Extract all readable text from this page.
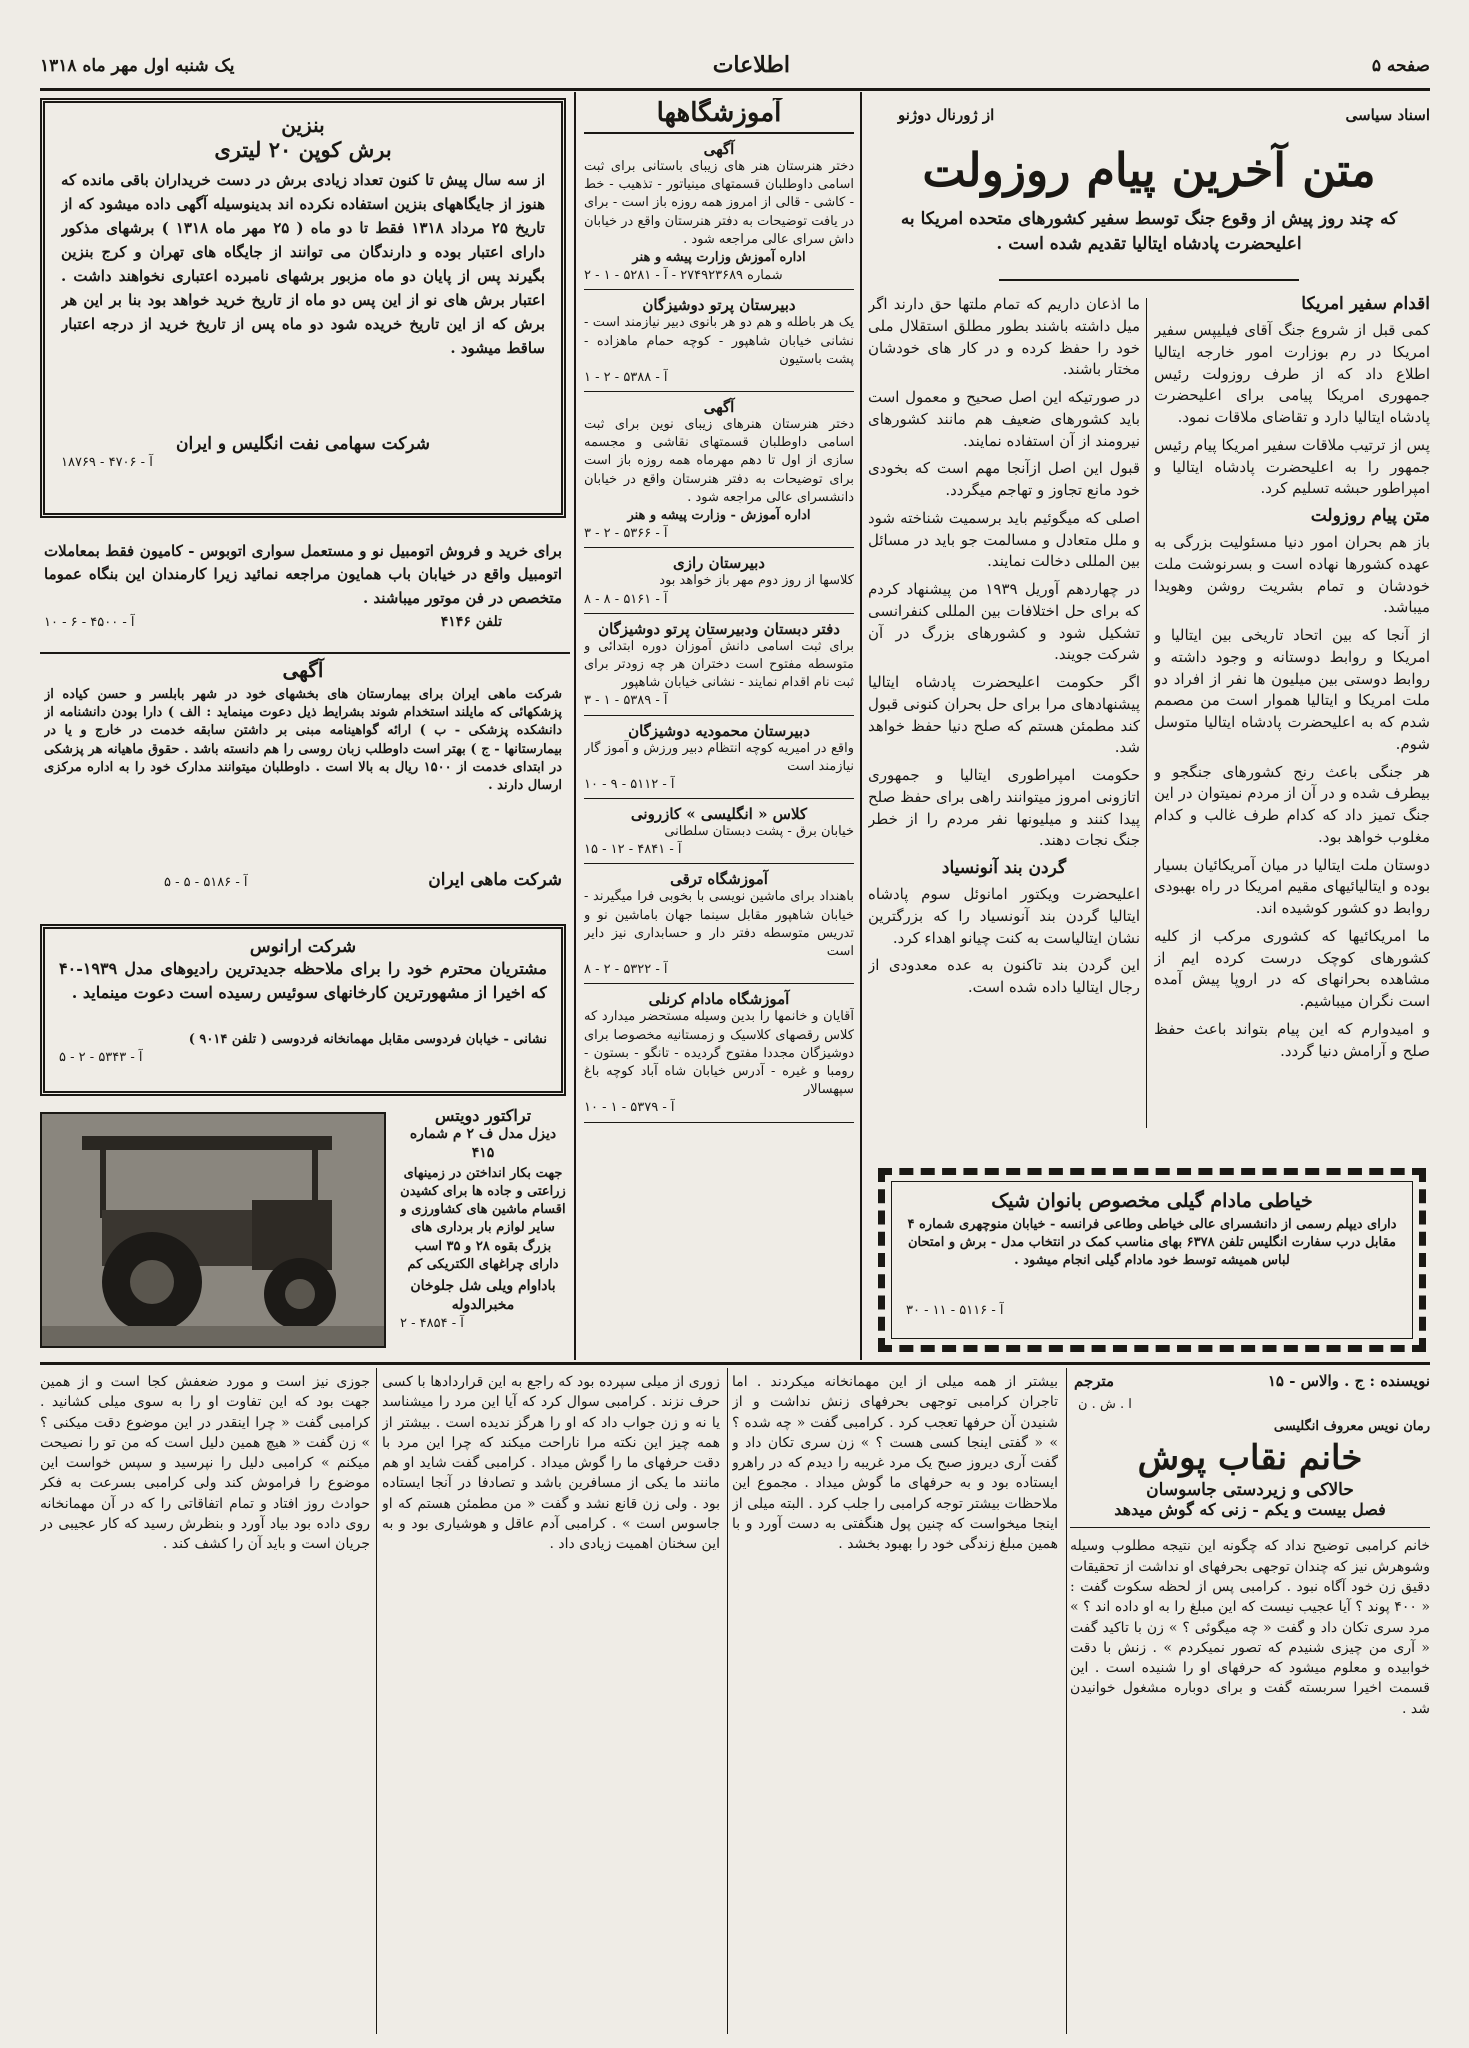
صفحه ۵
اطلاعات
یک شنبه اول مهر ماه ۱۳۱۸
اسناد سیاسی
از ژورنال دوژنو
متن آخرین پیام روزولت
که چند روز پیش از وقوع جنگ توسط سفیر کشورهای متحده امریکا به اعلیحضرت پادشاه ایتالیا تقدیم شده است .
اقدام سفیر امریکا
کمی قبل از شروع جنگ آقای فیلیپس سفیر امریکا در رم بوزارت امور خارجه ایتالیا اطلاع داد که از طرف روزولت رئیس جمهوری امریکا پیامی برای اعلیحضرت پادشاه ایتالیا دارد و تقاضای ملاقات نمود.
پس از ترتیب ملاقات سفیر امریکا پیام رئیس جمهور را به اعلیحضرت پادشاه ایتالیا و امپراطور حبشه تسلیم کرد.
متن پیام روزولت
باز هم بحران امور دنیا مسئولیت بزرگی به عهده کشورها نهاده است و بسرنوشت ملت خودشان و تمام بشریت روشن وهویدا میباشد.
از آنجا که بین اتحاد تاریخی بین ایتالیا و امریکا و روابط دوستانه و وجود داشته و روابط دوستی بین میلیون ها نفر از افراد دو ملت امریکا و ایتالیا هموار است من مصمم شدم که به اعلیحضرت پادشاه ایتالیا متوسل شوم.
هر جنگی باعث رنج کشورهای جنگجو و بیطرف شده و در آن از مردم نمیتوان در این جنگ تمیز داد که کدام طرف غالب و کدام مغلوب خواهد بود.
دوستان ملت ایتالیا در میان آمریکائیان بسیار بوده و ایتالیائیهای مقیم امریکا در راه بهبودی روابط دو کشور کوشیده اند.
ما امریکائیها که کشوری مرکب از کلیه کشورهای کوچک درست کرده ایم از مشاهده بحرانهای که در اروپا پیش آمده است نگران میباشیم.
و امیدوارم که این پیام بتواند باعث حفظ صلح و آرامش دنیا گردد.
ما اذعان داریم که تمام ملتها حق دارند اگر میل داشته باشند بطور مطلق استقلال ملی خود را حفظ کرده و در کار های خودشان مختار باشند.
در صورتیکه این اصل صحیح و معمول است باید کشورهای ضعیف هم مانند کشورهای نیرومند از آن استفاده نمایند.
قبول این اصل ازآنجا مهم است که بخودی خود مانع تجاوز و تهاجم میگردد.
اصلی که میگوئیم باید برسمیت شناخته شود و ملل متعادل و مسالمت جو باید در مسائل بین المللی دخالت نمایند.
در چهاردهم آوریل ۱۹۳۹ من پیشنهاد کردم که برای حل اختلافات بین المللی کنفرانسی تشکیل شود و کشورهای بزرگ در آن شرکت جویند.
اگر حکومت اعلیحضرت پادشاه ایتالیا پیشنهادهای مرا برای حل بحران کنونی قبول کند مطمئن هستم که صلح دنیا حفظ خواهد شد.
حکومت امپراطوری ایتالیا و جمهوری اتازونی امروز میتوانند راهی برای حفظ صلح پیدا کنند و میلیونها نفر مردم را از خطر جنگ نجات دهند.
گردن بند آنونسیاد
اعلیحضرت ویکتور امانوئل سوم پادشاه ایتالیا گردن بند آنونسیاد را که بزرگترین نشان ایتالیاست به کنت چیانو اهداء کرد.
این گردن بند تاکنون به عده معدودی از رجال ایتالیا داده شده است.
خیاطی مادام گیلی مخصوص بانوان شیک
دارای دیپلم رسمی از دانشسرای عالی خیاطی وطاعی فرانسه - خیابان منوچهری شماره ۴ مقابل درب سفارت انگلیس تلفن ۶۳۷۸ بهای مناسب کمک در انتخاب مدل - برش و امتحان لباس همیشه توسط خود مادام گیلی انجام میشود .
آ - ۵۱۱۶ - ۱۱ - ۳۰
آموزشگاهها
آگهی
دختر هنرستان هنر های زیبای باستانی برای ثبت اسامی داوطلبان قسمتهای مینیاتور - تذهیب - خط - کاشی - قالی از امروز همه روزه باز است - برای در یافت توضیحات به دفتر هنرستان واقع در خیابان داش سرای عالی مراجعه شود .
اداره آموزش وزارت پیشه و هنر
شماره ۲۷۴۹۲۳۶۸۹ - آ - ۵۲۸۱ - ۱ - ۲
دبیرستان پرتو دوشیزگان
یک هر باطله و هم دو هر بانوی دبیر نیازمند است - نشانی خیابان شاهپور - کوچه حمام ماهزاده - پشت باستیون
آ - ۵۳۸۸ - ۲ - ۱
آگهی
دختر هنرستان هنرهای زیبای نوین برای ثبت اسامی داوطلبان قسمتهای نقاشی و مجسمه سازی از اول تا دهم مهرماه همه روزه باز است برای توضیحات به دفتر هنرستان واقع در خیابان دانشسرای عالی مراجعه شود .
اداره آموزش - وزارت پیشه و هنر
آ - ۵۳۶۶ - ۲ - ۳
دبیرستان رازی
کلاسها از روز دوم مهر باز خواهد بود
آ - ۵۱۶۱ - ۸ - ۸
دفتر دبستان ودبیرستان پرتو دوشیزگان
برای ثبت اسامی دانش آموزان دوره ابتدائی و متوسطه مفتوح است دختران هر چه زودتر برای ثبت نام اقدام نمایند - نشانی خیابان شاهپور
آ - ۵۳۸۹ - ۱ - ۳
دبیرستان محمودیه دوشیزگان
واقع در امیریه کوچه انتظام دبیر ورزش و آموز گار نیازمند است
آ - ۵۱۱۲ - ۹ - ۱۰
کلاس « انگلیسی » کازرونی
خیابان برق - پشت دبستان سلطانی
آ - ۴۸۴۱ - ۱۲ - ۱۵
آموزشگاه ترقی
باهنداد برای ماشین نویسی با بخوبی فرا میگیرند - خیابان شاهپور مقابل سینما جهان باماشین نو و تدریس متوسطه دفتر دار و حسابداری نیز دایر است
آ - ۵۳۲۲ - ۲ - ۸
آموزشگاه مادام کرنلی
آقایان و خانمها را بدین وسیله مستحضر میدارد که کلاس رقصهای کلاسیک و زمستانیه مخصوصا برای دوشیزگان مجددا مفتوح گردیده - تانگو - بستون - رومبا و غیره - آدرس خیابان شاه آباد کوچه باغ سپهسالار
آ - ۵۳۷۹ - ۱ - ۱۰
بنزین
برش کوپن ۲۰ لیتری
از سه سال پیش تا کنون تعداد زیادی برش در دست خریداران باقی مانده که هنوز از جایگاههای بنزین استفاده نکرده اند بدینوسیله آگهی داده میشود که از تاریخ ۲۵ مرداد ۱۳۱۸ فقط تا دو ماه ( ۲۵ مهر ماه ۱۳۱۸ ) برشهای مذکور دارای اعتبار بوده و دارندگان می توانند از جایگاه های تهران و کرج بنزین بگیرند پس از پایان دو ماه مزبور برشهای نامبرده اعتباری نخواهند داشت . اعتبار برش های نو از این پس دو ماه از تاریخ خرید خواهد بود بنا بر این هر برش که از این تاریخ خریده شود دو ماه پس از تاریخ خرید از درجه اعتبار ساقط میشود .
شرکت سهامی نفت انگلیس و ایران
آ - ۴۷۰۶ - ۱۸۷۶۹
برای خرید و فروش اتومبیل نو و مستعمل سواری اتوبوس - کامیون فقط بمعاملات اتومبیل واقع در خیابان باب همایون مراجعه نمائید زیرا کارمندان این بنگاه عموما متخصص در فن موتور میباشند .
تلفن ۴۱۴۶
آ - ۴۵۰۰ - ۶ - ۱۰
آگهی
شرکت ماهی ایران برای بیمارستان های بخشهای خود در شهر بابلسر و حسن کیاده از پزشکهائی که مایلند استخدام شوند بشرایط ذیل دعوت مینماید : الف ) دارا بودن دانشنامه از دانشکده پزشکی - ب ) ارائه گواهینامه مبنی بر داشتن سابقه خدمت در خارج و یا در بیمارستانها - ج ) بهتر است داوطلب زبان روسی را هم دانسته باشد . حقوق ماهیانه هر پزشکی در ابتدای خدمت از ۱۵۰۰ ریال به بالا است . داوطلبان میتوانند مدارک خود را به اداره مرکزی ارسال دارند .
شرکت ماهی ایران
آ - ۵۱۸۶ - ۵ - ۵
شرکت ارانوس
مشتریان محترم خود را برای ملاحظه جدیدترین رادیوهای مدل ۱۹۳۹-۴۰ که اخیرا از مشهورترین کارخانهای سوئیس رسیده است دعوت مینماید .
نشانی - خیابان فردوسی مقابل مهمانخانه فردوسی ( تلفن ۹۰۱۴ )
آ - ۵۳۴۳ - ۲ - ۵
تراکتور دویتس
دیزل مدل ف ۲ م شماره ۴۱۵
جهت بکار انداختن در زمینهای زراعتی و جاده ها برای کشیدن اقسام ماشین های کشاورزی و سایر لوازم بار برداری های بزرگ بقوه ۲۸ و ۳۵ اسب دارای چراغهای الکتریکی کم
باداوام ویلی شل جلوخان مخبرالدوله
آ - ۴۸۵۴ - ۲
نویسنده : ج . والاس - ۱۵
مترجم
ا . ش . ن
رمان نویس معروف انگلیسی
خانم نقاب پوش
حالاکی و زیردستی جاسوسان
فصل بیست و یکم - زنی که گوش میدهد
خانم کرامبی توضیح نداد که چگونه این نتیجه مطلوب وسیله وشوهرش نیز که چندان توجهی بحرفهای او نداشت از تحقیقات دقیق زن خود آگاه نبود . کرامبی پس از لحظه سکوت گفت : « ۴۰۰ پوند ؟ آیا عجیب نیست که این مبلغ را به او داده اند ؟ » مرد سری تکان داد و گفت « چه میگوئی ؟ » زن با تاکید گفت « آری من چیزی شنیدم که تصور نمیکردم » . زنش با دقت خوابیده و معلوم میشود که حرفهای او را شنیده است . این قسمت اخیرا سربسته گفت و برای دوباره مشغول خوانیدن شد .
بیشتر از همه میلی از این مهمانخانه میکردند . اما تاجران کرامبی توجهی بحرفهای زنش نداشت و از شنیدن آن حرفها تعجب کرد . کرامبی گفت « چه شده ؟ » « گفتی اینجا کسی هست ؟ » زن سری تکان داد و گفت آری دیروز صبح یک مرد غریبه را دیدم که در راهرو ایستاده بود و به حرفهای ما گوش میداد . مجموع این ملاحظات بیشتر توجه کرامبی را جلب کرد . البته میلی از اینجا میخواست که چنین پول هنگفتی به دست آورد و با همین مبلغ زندگی خود را بهبود بخشد .
زوری از میلی سپرده بود که راجع به این قراردادها با کسی حرف نزند . کرامبی سوال کرد که آیا این مرد را میشناسد یا نه و زن جواب داد که او را هرگز ندیده است . بیشتر از همه چیز این نکته مرا ناراحت میکند که چرا این مرد با دقت حرفهای ما را گوش میداد . کرامبی گفت شاید او هم مانند ما یکی از مسافرین باشد و تصادفا در آنجا ایستاده بود . ولی زن قانع نشد و گفت « من مطمئن هستم که او جاسوس است » . کرامبی آدم عاقل و هوشیاری بود و به این سخنان اهمیت زیادی داد .
جوزی نیز است و مورد ضعفش کجا است و از همین جهت بود که این تفاوت او را به سوی میلی کشانید . کرامبی گفت « چرا اینقدر در این موضوع دقت میکنی ؟ » زن گفت « هیچ همین دلیل است که من تو را نصیحت میکنم » کرامبی دلیل را نپرسید و سپس خواست این موضوع را فراموش کند ولی کرامبی بسرعت به فکر حوادث روز افتاد و تمام اتفاقاتی را که در آن مهمانخانه روی داده بود بیاد آورد و بنظرش رسید که کار عجیبی در جریان است و باید آن را کشف کند .
